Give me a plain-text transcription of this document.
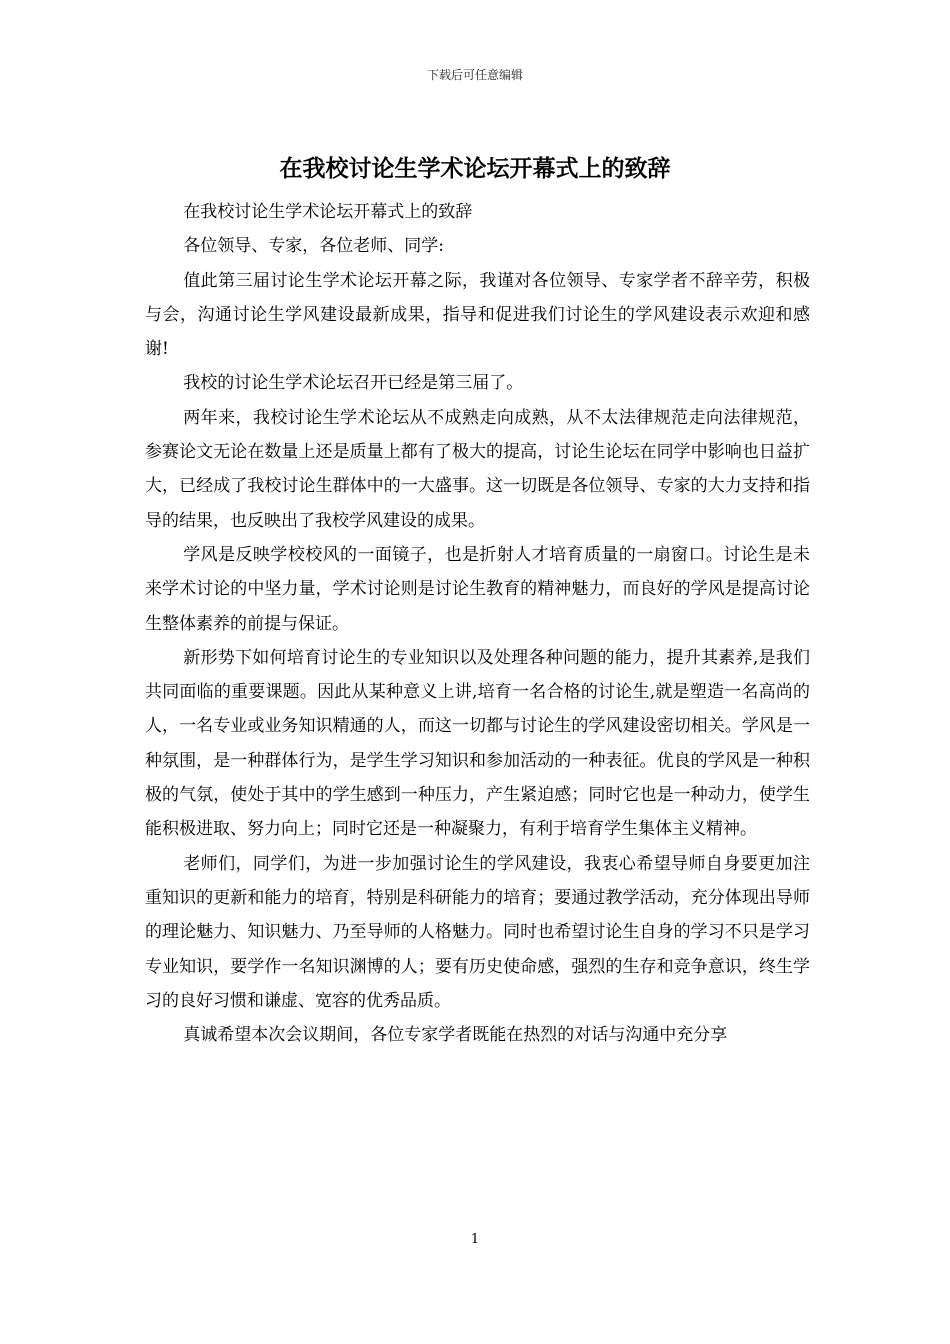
下载后可任意编辑
在我校讨论生学术论坛开幕式上的致辞

在我校讨论生学术论坛开幕式上的致辞

各位领导、专家，各位老师、同学:

值此第三届讨论生学术论坛开幕之际，我谨对各位领导、专家学者不辞辛劳，积极与会，沟通讨论生学风建设最新成果，指导和促进我们讨论生的学风建设表示欢迎和感谢!

我校的讨论生学术论坛召开已经是第三届了。

两年来，我校讨论生学术论坛从不成熟走向成熟，从不太法律规范走向法律规范，参赛论文无论在数量上还是质量上都有了极大的提高，讨论生论坛在同学中影响也日益扩大，已经成了我校讨论生群体中的一大盛事。这一切既是各位领导、专家的大力支持和指导的结果，也反映出了我校学风建设的成果。

学风是反映学校校风的一面镜子，也是折射人才培育质量的一扇窗口。讨论生是未来学术讨论的中坚力量，学术讨论则是讨论生教育的精神魅力，而良好的学风是提高讨论生整体素养的前提与保证。

新形势下如何培育讨论生的专业知识以及处理各种问题的能力，提升其素养,是我们共同面临的重要课题。因此从某种意义上讲,培育一名合格的讨论生,就是塑造一名高尚的人，一名专业或业务知识精通的人，而这一切都与讨论生的学风建设密切相关。学风是一种氛围，是一种群体行为，是学生学习知识和参加活动的一种表征。优良的学风是一种积极的气氛，使处于其中的学生感到一种压力，产生紧迫感；同时它也是一种动力，使学生能积极进取、努力向上；同时它还是一种凝聚力，有利于培育学生集体主义精神。

老师们，同学们，为进一步加强讨论生的学风建设，我衷心希望导师自身要更加注重知识的更新和能力的培育，特别是科研能力的培育；要通过教学活动，充分体现出导师的理论魅力、知识魅力、乃至导师的人格魅力。同时也希望讨论生自身的学习不只是学习专业知识，要学作一名知识渊博的人；要有历史使命感，强烈的生存和竞争意识，终生学习的良好习惯和谦虚、宽容的优秀品质。

真诚希望本次会议期间，各位专家学者既能在热烈的对话与沟通中充分享

1
